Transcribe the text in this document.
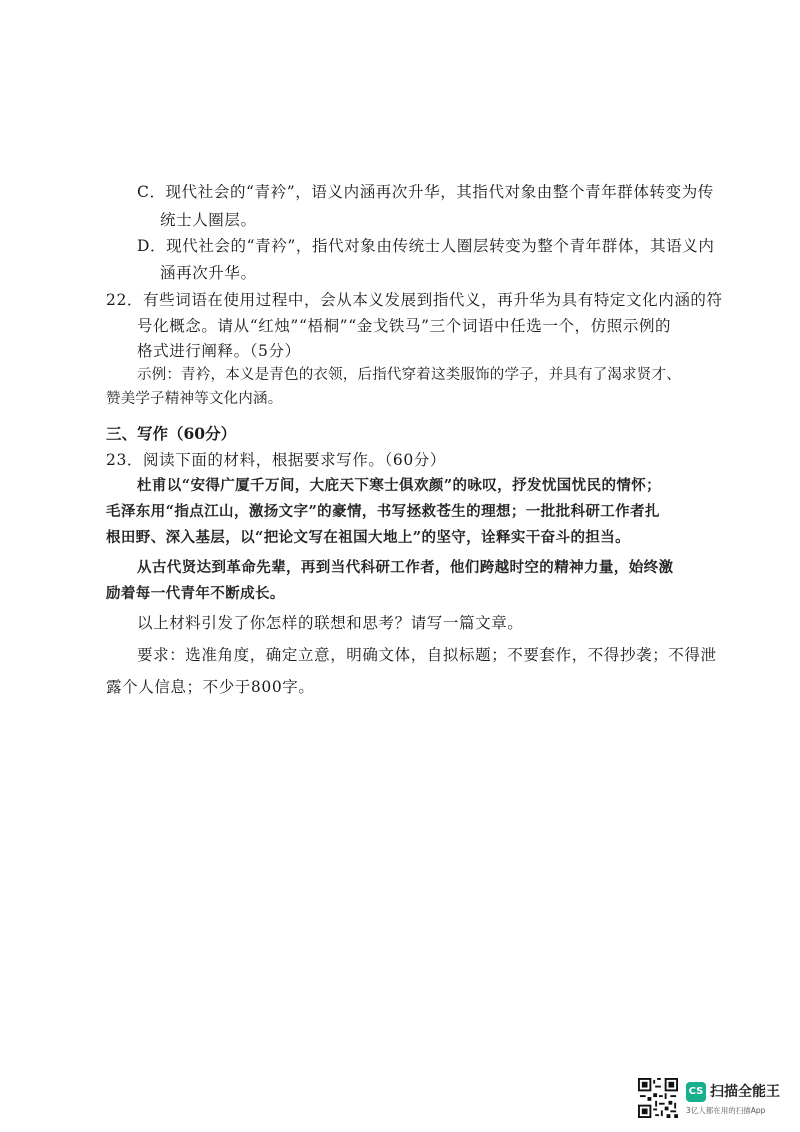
C．现代社会的“青衿”，语义内涵再次升华，其指代对象由整个青年群体转变为传
统士人圈层。
D．现代社会的“青衿”，指代对象由传统士人圈层转变为整个青年群体，其语义内
涵再次升华。
22．有些词语在使用过程中，会从本义发展到指代义，再升华为具有特定文化内涵的符
号化概念。请从“红烛”“梧桐”“金戈铁马”三个词语中任选一个，仿照示例的
格式进行阐释。（5分）
示例：青衿，本义是青色的衣领，后指代穿着这类服饰的学子，并具有了渴求贤才、
赞美学子精神等文化内涵。
三、写作（60分）
23．阅读下面的材料，根据要求写作。（60分）
杜甫以“安得广厦千万间，大庇天下寒士俱欢颜”的咏叹，抒发忧国忧民的情怀；
毛泽东用“指点江山，激扬文字”的豪情，书写拯救苍生的理想；一批批科研工作者扎
根田野、深入基层，以“把论文写在祖国大地上”的坚守，诠释实干奋斗的担当。
从古代贤达到革命先辈，再到当代科研工作者，他们跨越时空的精神力量，始终激
励着每一代青年不断成长。
以上材料引发了你怎样的联想和思考？请写一篇文章。
要求：选准角度，确定立意，明确文体，自拟标题；不要套作，不得抄袭；不得泄
露个人信息；不少于800字。
CS 扫描全能王
3亿人都在用的扫描App
